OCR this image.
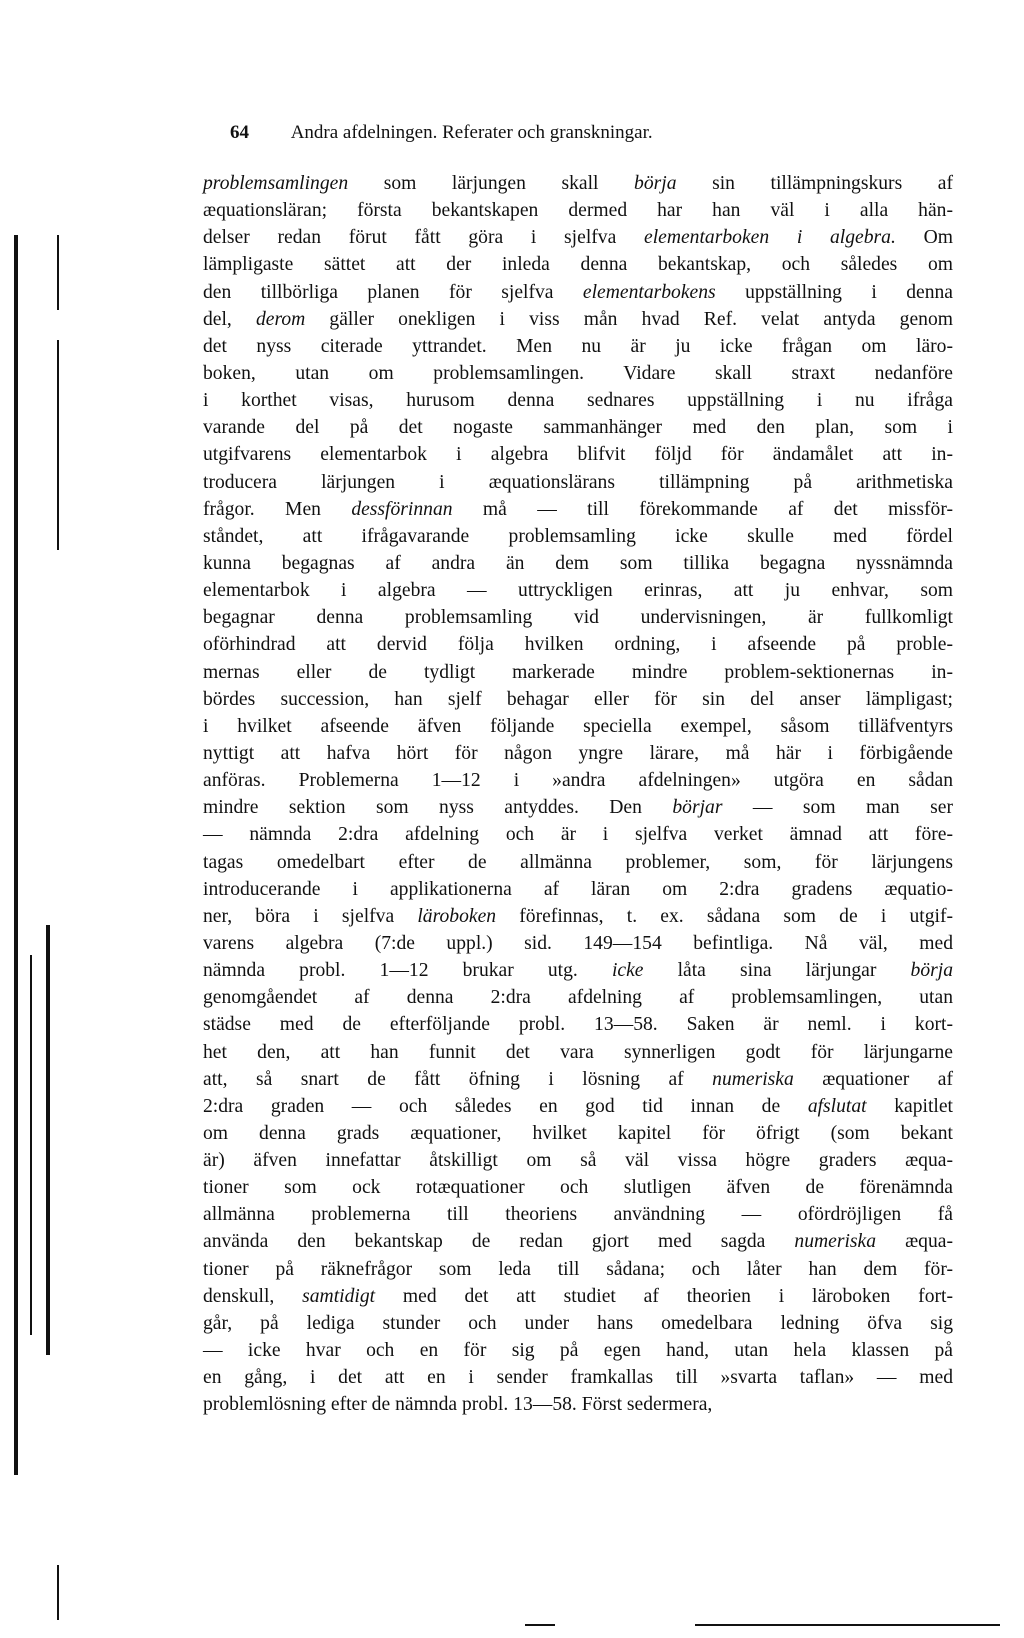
64 Andra afdelningen. Referater och granskningar.
problemsamlingen som lärjungen skall börja sin tillämpningskurs af
æquationsläran; första bekantskapen dermed har han väl i alla hän-
delser redan förut fått göra i sjelfva elementarboken i algebra. Om
lämpligaste sättet att der inleda denna bekantskap, och således om
den tillbörliga planen för sjelfva elementarbokens uppställning i denna
del, derom gäller onekligen i viss mån hvad Ref. velat antyda genom
det nyss citerade yttrandet. Men nu är ju icke frågan om läro-
boken, utan om problemsamlingen. Vidare skall straxt nedanföre
i korthet visas, hurusom denna sednares uppställning i nu ifråga
varande del på det nogaste sammanhänger med den plan, som i
utgifvarens elementarbok i algebra blifvit följd för ändamålet att in-
troducera lärjungen i æquationslärans tillämpning på arithmetiska
frågor. Men dessförinnan må — till förekommande af det missför-
ståndet, att ifrågavarande problemsamling icke skulle med fördel
kunna begagnas af andra än dem som tillika begagna nyssnämnda
elementarbok i algebra — uttryckligen erinras, att ju enhvar, som
begagnar denna problemsamling vid undervisningen, är fullkomligt
oförhindrad att dervid följa hvilken ordning, i afseende på proble-
mernas eller de tydligt markerade mindre problem-sektionernas in-
bördes succession, han sjelf behagar eller för sin del anser lämpligast;
i hvilket afseende äfven följande speciella exempel, såsom tilläfventyrs
nyttigt att hafva hört för någon yngre lärare, må här i förbigående
anföras. Problemerna 1—12 i »andra afdelningen» utgöra en sådan
mindre sektion som nyss antyddes. Den börjar — som man ser
— nämnda 2:dra afdelning och är i sjelfva verket ämnad att före-
tagas omedelbart efter de allmänna problemer, som, för lärjungens
introducerande i applikationerna af läran om 2:dra gradens æquatio-
ner, böra i sjelfva läroboken förefinnas, t. ex. sådana som de i utgif-
varens algebra (7:de uppl.) sid. 149—154 befintliga. Nå väl, med
nämnda probl. 1—12 brukar utg. icke låta sina lärjungar börja
genomgåendet af denna 2:dra afdelning af problemsamlingen, utan
städse med de efterföljande probl. 13—58. Saken är neml. i kort-
het den, att han funnit det vara synnerligen godt för lärjungarne
att, så snart de fått öfning i lösning af numeriska æquationer af
2:dra graden — och således en god tid innan de afslutat kapitlet
om denna grads æquationer, hvilket kapitel för öfrigt (som bekant
är) äfven innefattar åtskilligt om så väl vissa högre graders æqua-
tioner som ock rotæquationer och slutligen äfven de förenämnda
allmänna problemerna till theoriens användning — ofördröjligen få
använda den bekantskap de redan gjort med sagda numeriska æqua-
tioner på räknefrågor som leda till sådana; och låter han dem för-
denskull, samtidigt med det att studiet af theorien i läroboken fort-
går, på lediga stunder och under hans omedelbara ledning öfva sig
— icke hvar och en för sig på egen hand, utan hela klassen på
en gång, i det att en i sender framkallas till »svarta taflan» — med
problemlösning efter de nämnda probl. 13—58. Först sedermera,
